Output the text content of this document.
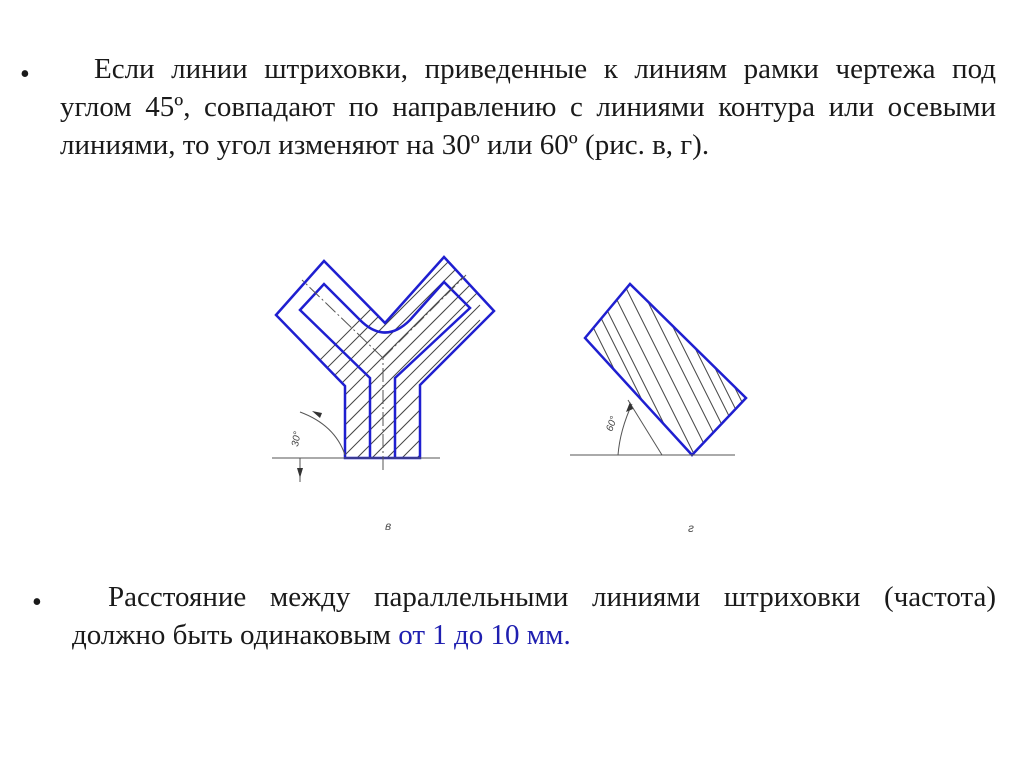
•	Если линии штриховки, приведенные к линиям рамки чертежа под углом 45º, совпадают по направлению с линиями контура или осевыми линиями, то угол изменяют на 30º или 60º (рис. в, г).

30°
в
60°
г
•	Расстояние между параллельными линиями штриховки (частота) должно быть одинаковым от 1 до 10 мм.
